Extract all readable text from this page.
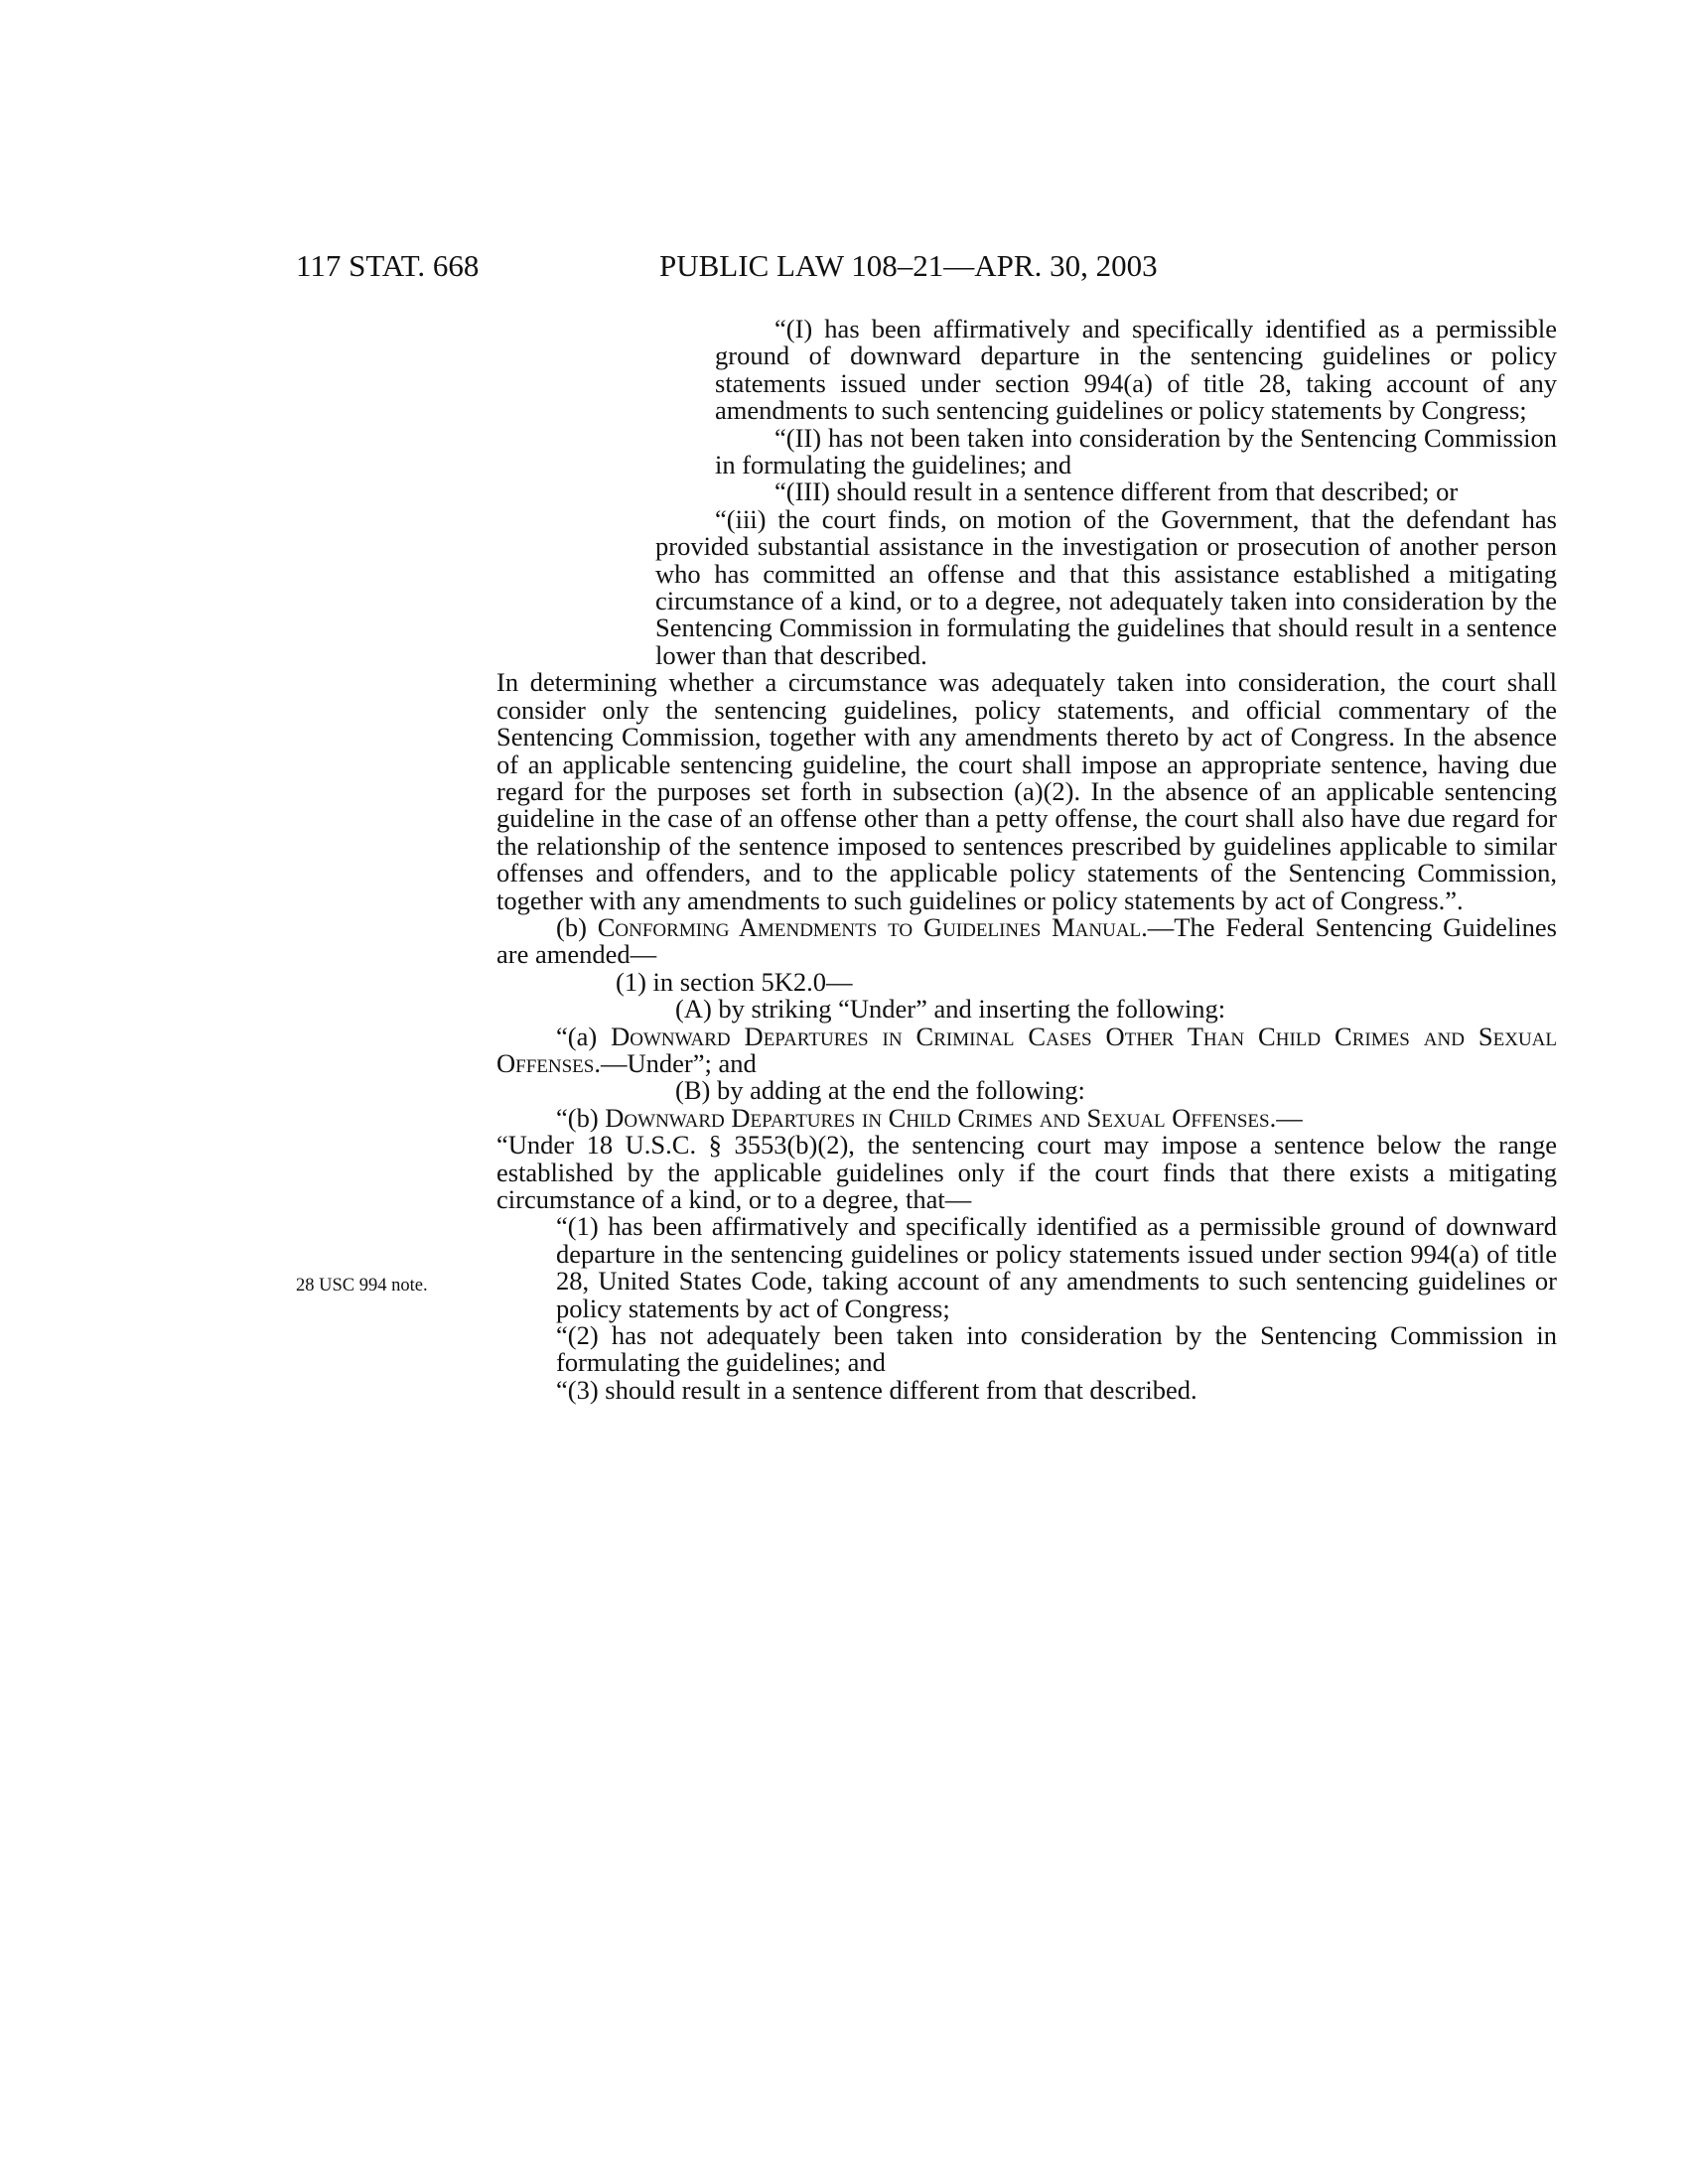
117 STAT. 668	PUBLIC LAW 108–21—APR. 30, 2003
28 USC 994 note.

“(I) has been affirmatively and specifically identified as a permissible ground of downward departure in the sentencing guidelines or policy statements issued under section 994(a) of title 28, taking account of any amendments to such sentencing guidelines or policy statements by Congress;

“(II) has not been taken into consideration by the Sentencing Commission in formulating the guidelines; and

“(III) should result in a sentence different from that described; or

“(iii) the court finds, on motion of the Government, that the defendant has provided substantial assistance in the investigation or prosecution of another person who has committed an offense and that this assistance established a mitigating circumstance of a kind, or to a degree, not adequately taken into consideration by the Sentencing Commission in formulating the guidelines that should result in a sentence lower than that described.

In determining whether a circumstance was adequately taken into consideration, the court shall consider only the sentencing guidelines, policy statements, and official commentary of the Sentencing Commission, together with any amendments thereto by act of Congress. In the absence of an applicable sentencing guideline, the court shall impose an appropriate sentence, having due regard for the purposes set forth in subsection (a)(2). In the absence of an applicable sentencing guideline in the case of an offense other than a petty offense, the court shall also have due regard for the relationship of the sentence imposed to sentences prescribed by guidelines applicable to similar offenses and offenders, and to the applicable policy statements of the Sentencing Commission, together with any amendments to such guidelines or policy statements by act of Congress.”.

(b) Conforming Amendments to Guidelines Manual.—The Federal Sentencing Guidelines are amended—

(1) in section 5K2.0—

(A) by striking “Under” and inserting the following:

“(a) Downward Departures in Criminal Cases Other Than Child Crimes and Sexual Offenses.—Under”; and

(B) by adding at the end the following:

“(b) Downward Departures in Child Crimes and Sexual Offenses.—

“Under 18 U.S.C. § 3553(b)(2), the sentencing court may impose a sentence below the range established by the applicable guidelines only if the court finds that there exists a mitigating circumstance of a kind, or to a degree, that—

“(1) has been affirmatively and specifically identified as a permissible ground of downward departure in the sentencing guidelines or policy statements issued under section 994(a) of title 28, United States Code, taking account of any amendments to such sentencing guidelines or policy statements by act of Congress;

“(2) has not adequately been taken into consideration by the Sentencing Commission in formulating the guidelines; and

“(3) should result in a sentence different from that described.
